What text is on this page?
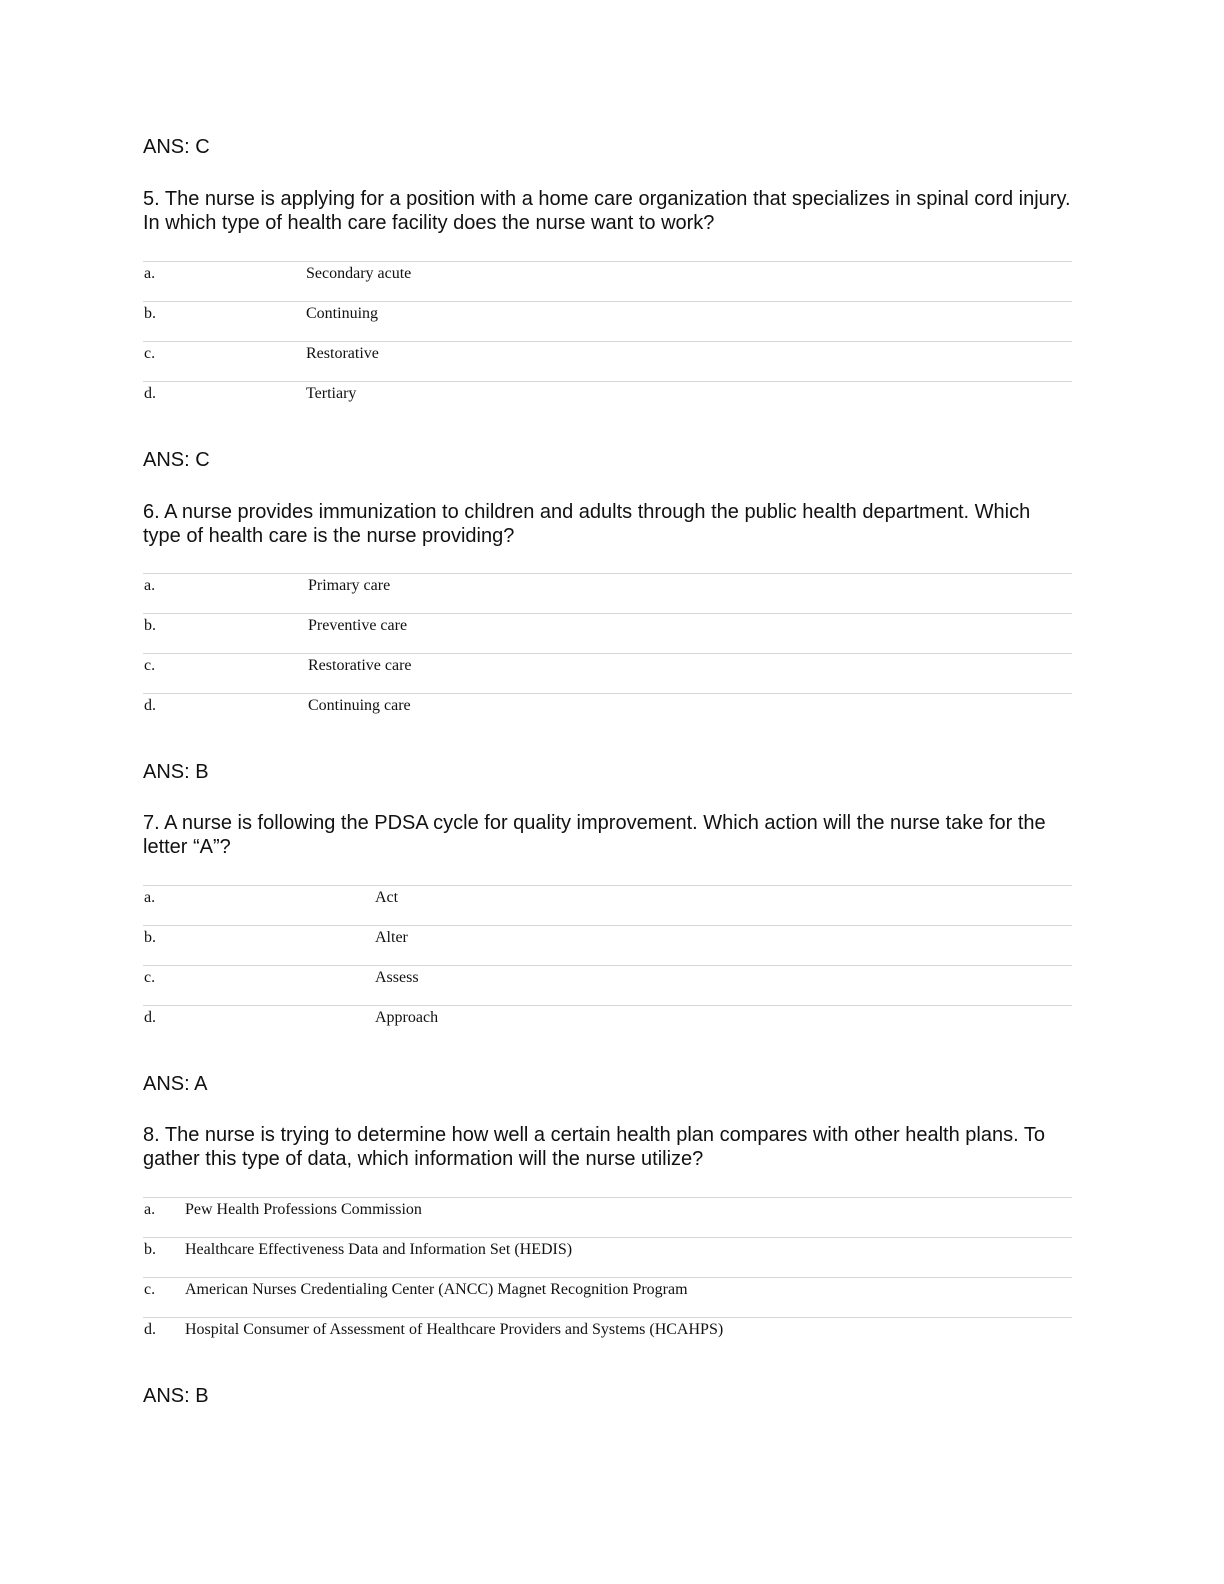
ANS: C
5. The nurse is applying for a position with a home care organization that specializes in spinal cord injury. In which type of health care facility does the nurse want to work?
a.	Secondary acute
b.	Continuing
c.	Restorative
d.	Tertiary
ANS: C
6. A nurse provides immunization to children and adults through the public health department. Which type of health care is the nurse providing?
a.	Primary care
b.	Preventive care
c.	Restorative care
d.	Continuing care
ANS: B
7. A nurse is following the PDSA cycle for quality improvement. Which action will the nurse take for the letter “A”?
a.	Act
b.	Alter
c.	Assess
d.	Approach
ANS: A
8. The nurse is trying to determine how well a certain health plan compares with other health plans. To gather this type of data, which information will the nurse utilize?
a. Pew Health Professions Commission
b. Healthcare Effectiveness Data and Information Set (HEDIS)
c. American Nurses Credentialing Center (ANCC) Magnet Recognition Program
d. Hospital Consumer of Assessment of Healthcare Providers and Systems (HCAHPS)
ANS: B
